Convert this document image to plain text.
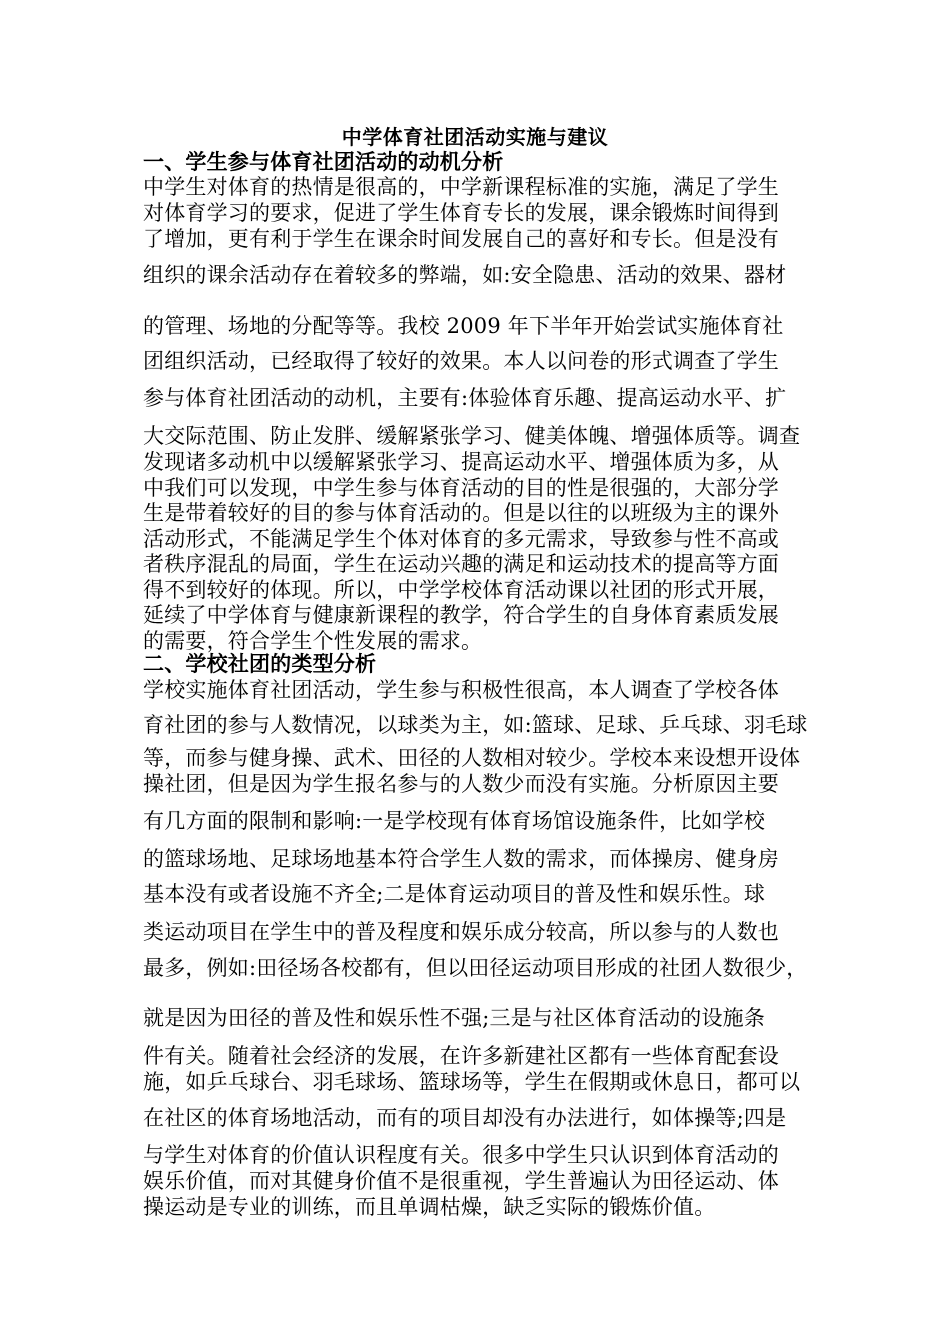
中学体育社团活动实施与建议
一、学生参与体育社团活动的动机分析
中学生对体育的热情是很高的，中学新课程标准的实施，满足了学生
对体育学习的要求，促进了学生体育专长的发展，课余锻炼时间得到
了增加，更有利于学生在课余时间发展自己的喜好和专长。但是没有
组织的课余活动存在着较多的弊端，如:安全隐患、活动的效果、器材
的管理、场地的分配等等。我校 2009 年下半年开始尝试实施体育社
团组织活动，已经取得了较好的效果。本人以问卷的形式调查了学生
参与体育社团活动的动机，主要有:体验体育乐趣、提高运动水平、扩
大交际范围、防止发胖、缓解紧张学习、健美体魄、增强体质等。调查
发现诸多动机中以缓解紧张学习、提高运动水平、增强体质为多，从
中我们可以发现，中学生参与体育活动的目的性是很强的，大部分学
生是带着较好的目的参与体育活动的。但是以往的以班级为主的课外
活动形式，不能满足学生个体对体育的多元需求，导致参与性不高或
者秩序混乱的局面，学生在运动兴趣的满足和运动技术的提高等方面
得不到较好的体现。所以，中学学校体育活动课以社团的形式开展，
延续了中学体育与健康新课程的教学，符合学生的自身体育素质发展
的需要，符合学生个性发展的需求。
二、学校社团的类型分析
学校实施体育社团活动，学生参与积极性很高，本人调查了学校各体
育社团的参与人数情况，以球类为主，如:篮球、足球、乒乓球、羽毛球
等，而参与健身操、武术、田径的人数相对较少。学校本来设想开设体
操社团，但是因为学生报名参与的人数少而没有实施。分析原因主要
有几方面的限制和影响:一是学校现有体育场馆设施条件，比如学校
的篮球场地、足球场地基本符合学生人数的需求，而体操房、健身房
基本没有或者设施不齐全;二是体育运动项目的普及性和娱乐性。球
类运动项目在学生中的普及程度和娱乐成分较高，所以参与的人数也
最多，例如:田径场各校都有，但以田径运动项目形成的社团人数很少，
就是因为田径的普及性和娱乐性不强;三是与社区体育活动的设施条
件有关。随着社会经济的发展，在许多新建社区都有一些体育配套设
施，如乒乓球台、羽毛球场、篮球场等，学生在假期或休息日，都可以
在社区的体育场地活动，而有的项目却没有办法进行，如体操等;四是
与学生对体育的价值认识程度有关。很多中学生只认识到体育活动的
娱乐价值，而对其健身价值不是很重视，学生普遍认为田径运动、体
操运动是专业的训练，而且单调枯燥，缺乏实际的锻炼价值。
